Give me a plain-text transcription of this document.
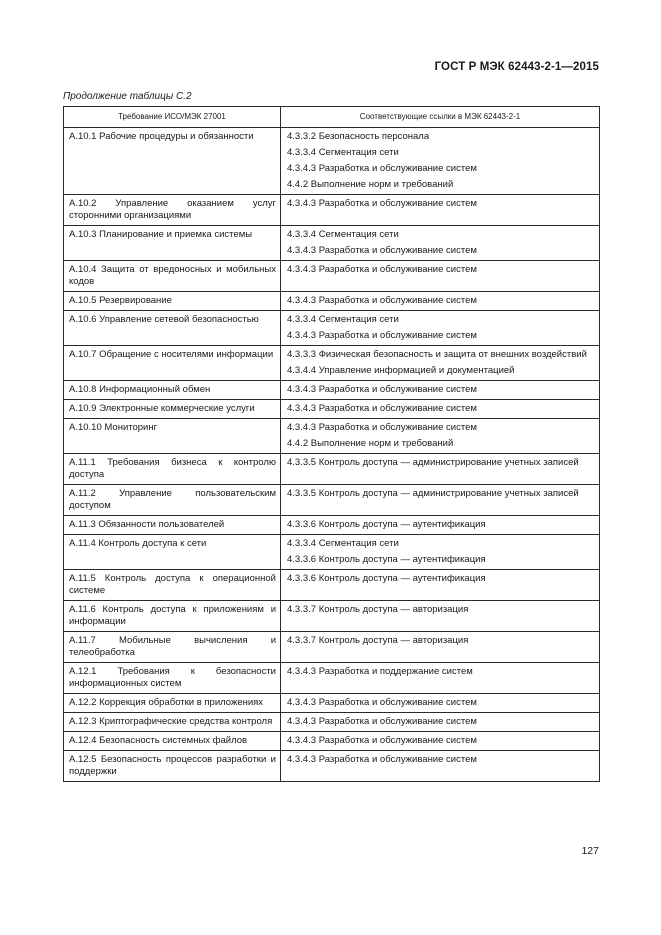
ГОСТ Р МЭК 62443-2-1—2015
Продолжение таблицы С.2
Требование ИСО/МЭК 27001	Соответствующие ссылки в МЭК 62443-2-1
A.10.1 Рабочие процедуры и обязанности	4.3.3.2 Безопасность персонала
4.3.3.4 Сегментация сети
4.3.4.3 Разработка и обслуживание систем
4.4.2 Выполнение норм и требований

A.10.2 Управление оказанием услуг сторонними организациями	4.3.4.3 Разработка и обслуживание систем

A.10.3 Планирование и приемка системы	4.3.3.4 Сегментация сети
4.3.4.3 Разработка и обслуживание систем

A.10.4 Защита от вредоносных и мобильных кодов	4.3.4.3 Разработка и обслуживание систем

A.10.5 Резервирование	4.3.4.3 Разработка и обслуживание систем

A.10.6 Управление сетевой безопасностью	4.3.3.4 Сегментация сети
4.3.4.3 Разработка и обслуживание систем

A.10.7 Обращение с носителями информации	4.3.3.3 Физическая безопасность и защита от внешних воздействий
4.3.4.4 Управление информацией и документацией

A.10.8 Информационный обмен	4.3.4.3 Разработка и обслуживание систем

A.10.9 Электронные коммерческие услуги	4.3.4.3 Разработка и обслуживание систем

A.10.10 Мониторинг	4.3.4.3 Разработка и обслуживание систем
4.4.2 Выполнение норм и требований

A.11.1 Требования бизнеса к контролю доступа	4.3.3.5 Контроль доступа — администрирование учетных записей

A.11.2 Управление пользовательским доступом	4.3.3.5 Контроль доступа — администрирование учетных записей

A.11.3 Обязанности пользователей	4.3.3.6 Контроль доступа — аутентификация

A.11.4 Контроль доступа к сети	4.3.3.4 Сегментация сети
4.3.3.6 Контроль доступа — аутентификация

A.11.5 Контроль доступа к операционной системе	4.3.3.6 Контроль доступа — аутентификация

A.11.6 Контроль доступа к приложениям и информации	4.3.3.7 Контроль доступа — авторизация

A.11.7 Мобильные вычисления и телеобработка	4.3.3.7 Контроль доступа — авторизация

A.12.1 Требования к безопасности информационных систем	4.3.4.3 Разработка и поддержание систем

A.12.2 Коррекция обработки в приложениях	4.3.4.3 Разработка и обслуживание систем

A.12.3 Криптографические средства контроля	4.3.4.3 Разработка и обслуживание систем

A.12.4 Безопасность системных файлов	4.3.4.3 Разработка и обслуживание систем

A.12.5 Безопасность процессов разработки и поддержки	4.3.4.3 Разработка и обслуживание систем
127
